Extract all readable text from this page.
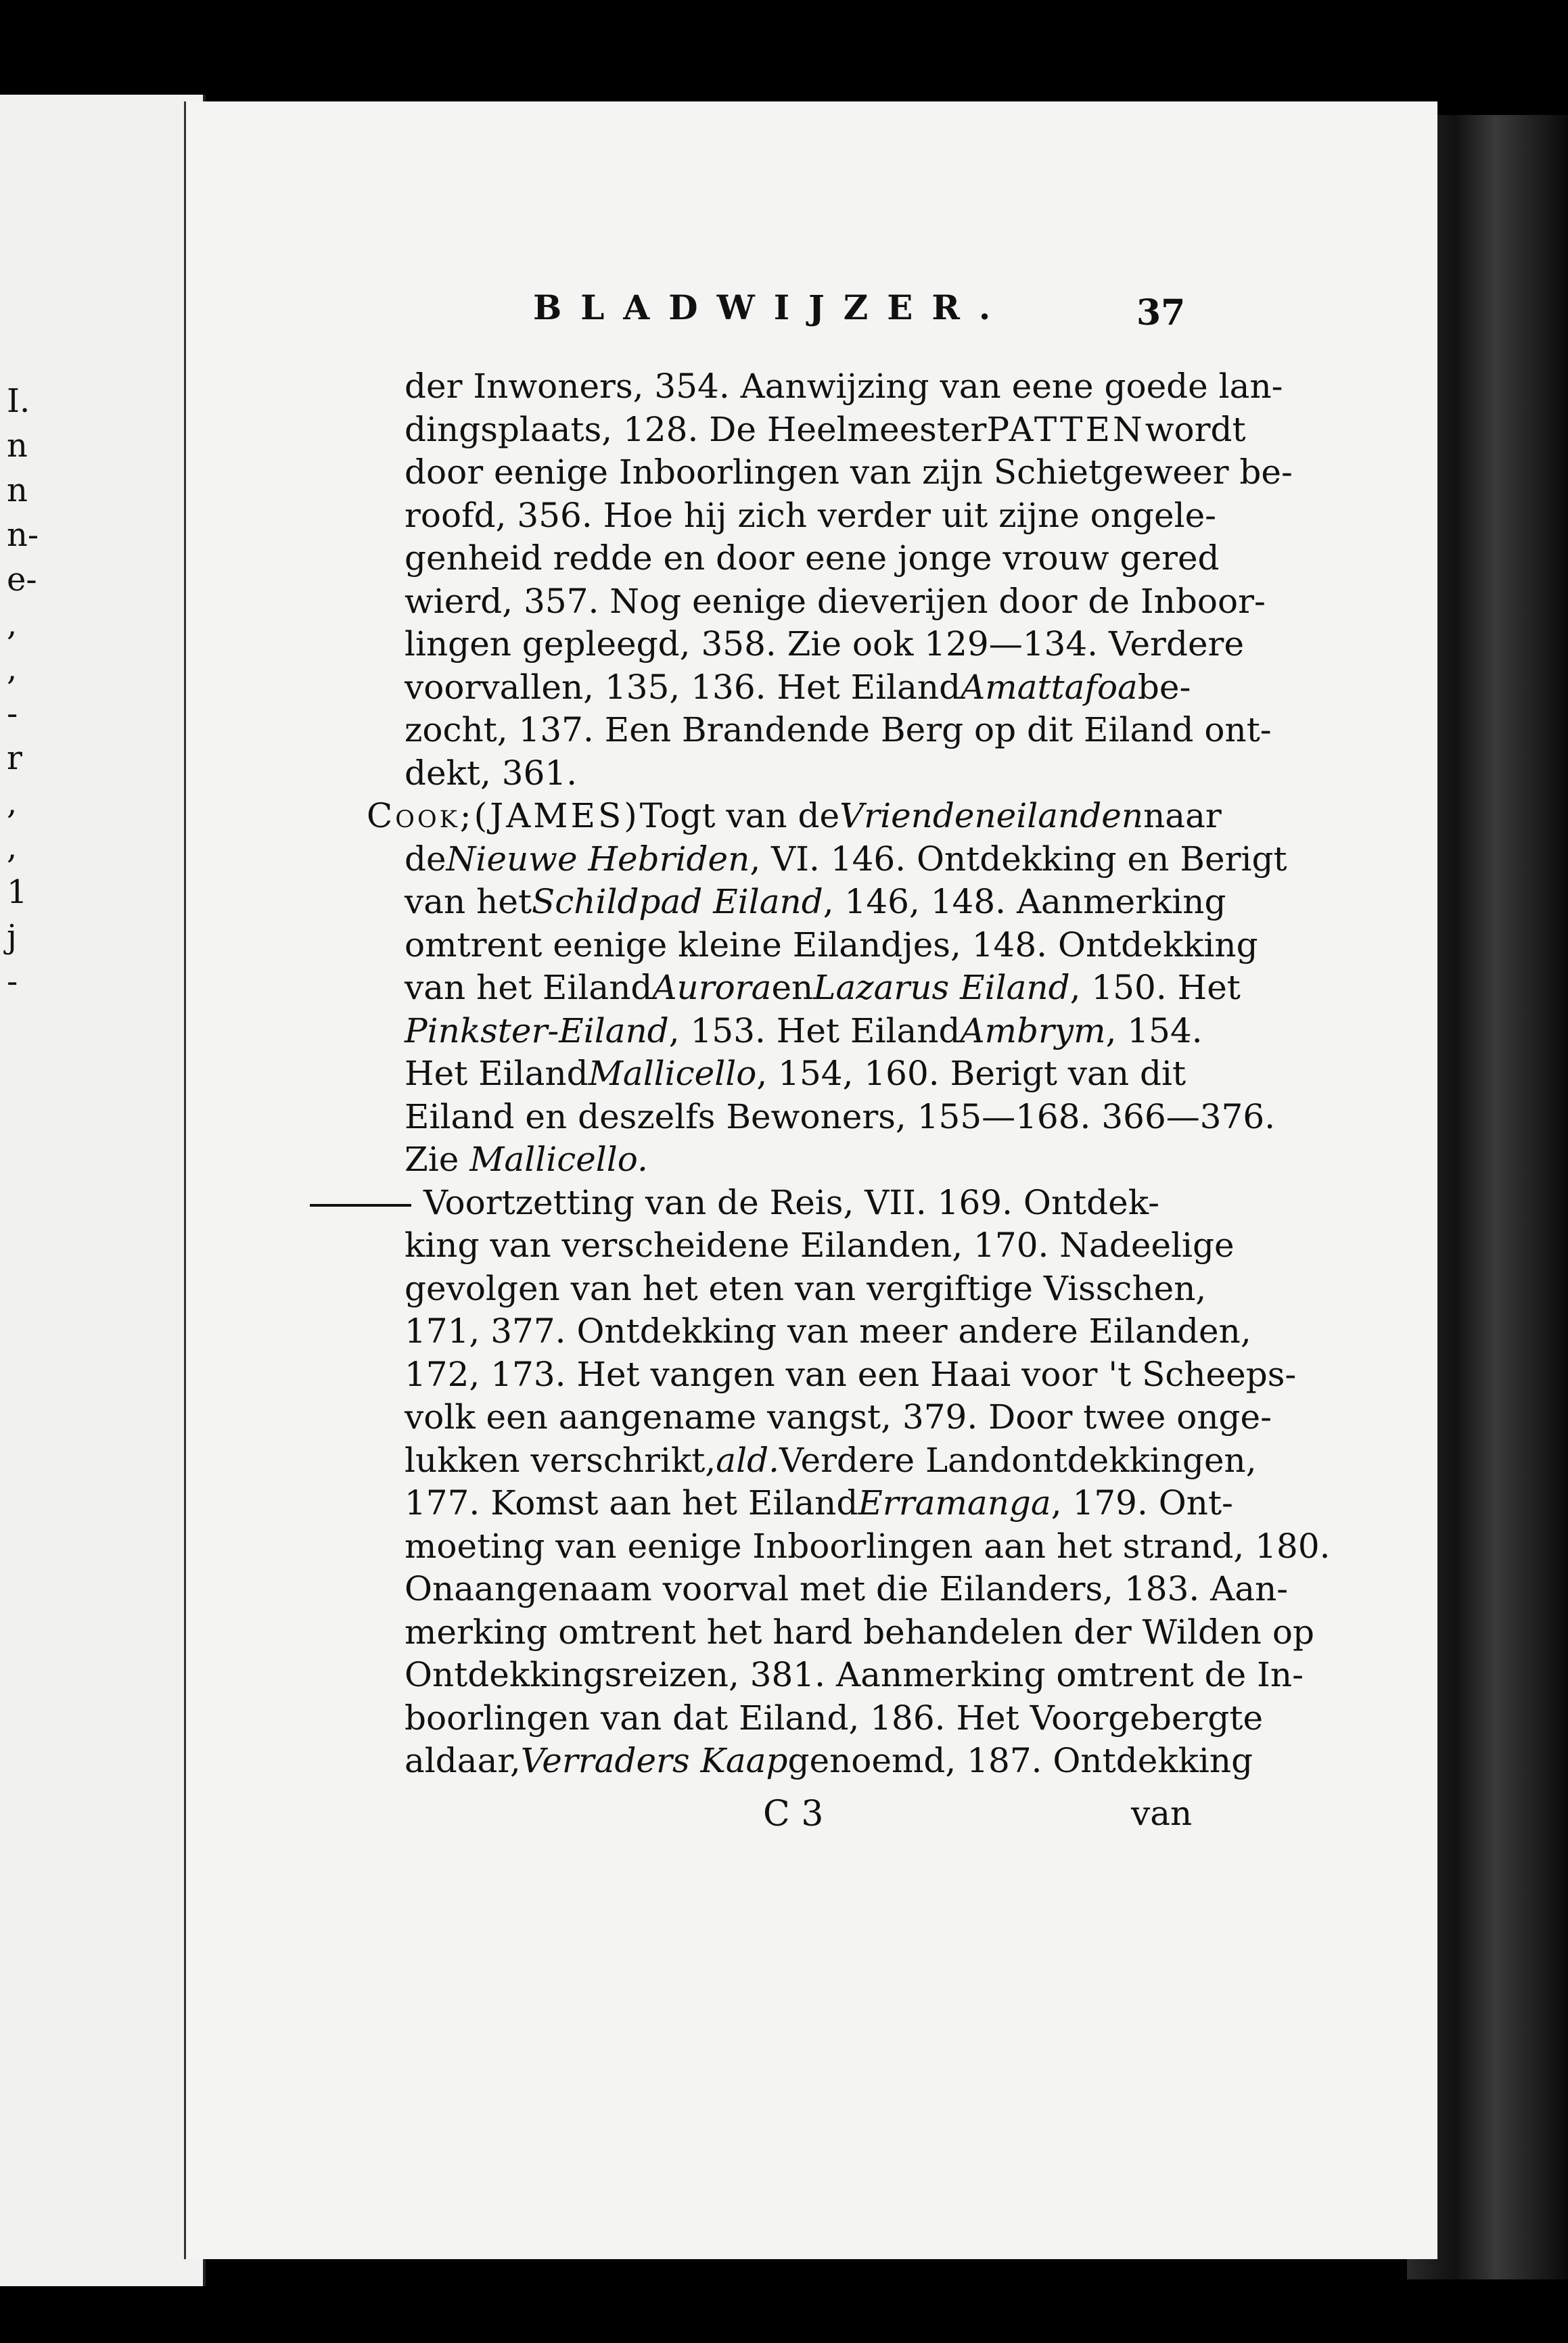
I.
n
n
n-
e-
,
,
-
r
,
,
1
j
-
BLADWIJZER.	37
der Inwoners, 354. Aanwijzing van eene goede lan-
dingsplaats, 128. De Heelmeester PATTEN wordt
door eenige Inboorlingen van zijn Schietgeweer be-
roofd, 356. Hoe hij zich verder uit zijne ongele-
genheid redde en door eene jonge vrouw gered
wierd, 357. Nog eenige dieverijen door de Inboor-
lingen gepleegd, 358. Zie ook 129—134. Verdere
voorvallen, 135, 136. Het Eiland Amattafoa be-
zocht, 137. Een Brandende Berg op dit Eiland ont-
dekt, 361.
Cook; (JAMES) Togt van de Vriendeneilanden naar
de Nieuwe Hebriden , VI. 146. Ontdekking en Berigt
van het Schildpad Eiland , 146, 148. Aanmerking
omtrent eenige kleine Eilandjes, 148. Ontdekking
van het Eiland Aurora en Lazarus Eiland , 150. Het
Pinkster-Eiland , 153. Het Eiland Ambrym , 154.
Het Eiland Mallicello , 154, 160. Berigt van dit
Eiland en deszelfs Bewoners, 155—168. 366—376.
Zie
Mallicello.
Voortzetting van de Reis, VII. 169. Ontdek-
king van verscheidene Eilanden, 170. Nadeelige
gevolgen van het eten van vergiftige Visschen,
171, 377. Ontdekking van meer andere Eilanden,
172, 173. Het vangen van een Haai voor 't Scheeps-
volk een aangename vangst, 379. Door twee onge-
lukken verschrikt, ald. Verdere Landontdekkingen,
177. Komst aan het Eiland Erramanga , 179. Ont-
moeting van eenige Inboorlingen aan het strand, 180.
Onaangenaam voorval met die Eilanders, 183. Aan-
merking omtrent het hard behandelen der Wilden op
Ontdekkingsreizen, 381. Aanmerking omtrent de In-
boorlingen van dat Eiland, 186. Het Voorgebergte
aldaar, Verraders Kaap genoemd, 187. Ontdekking
C 3	van
